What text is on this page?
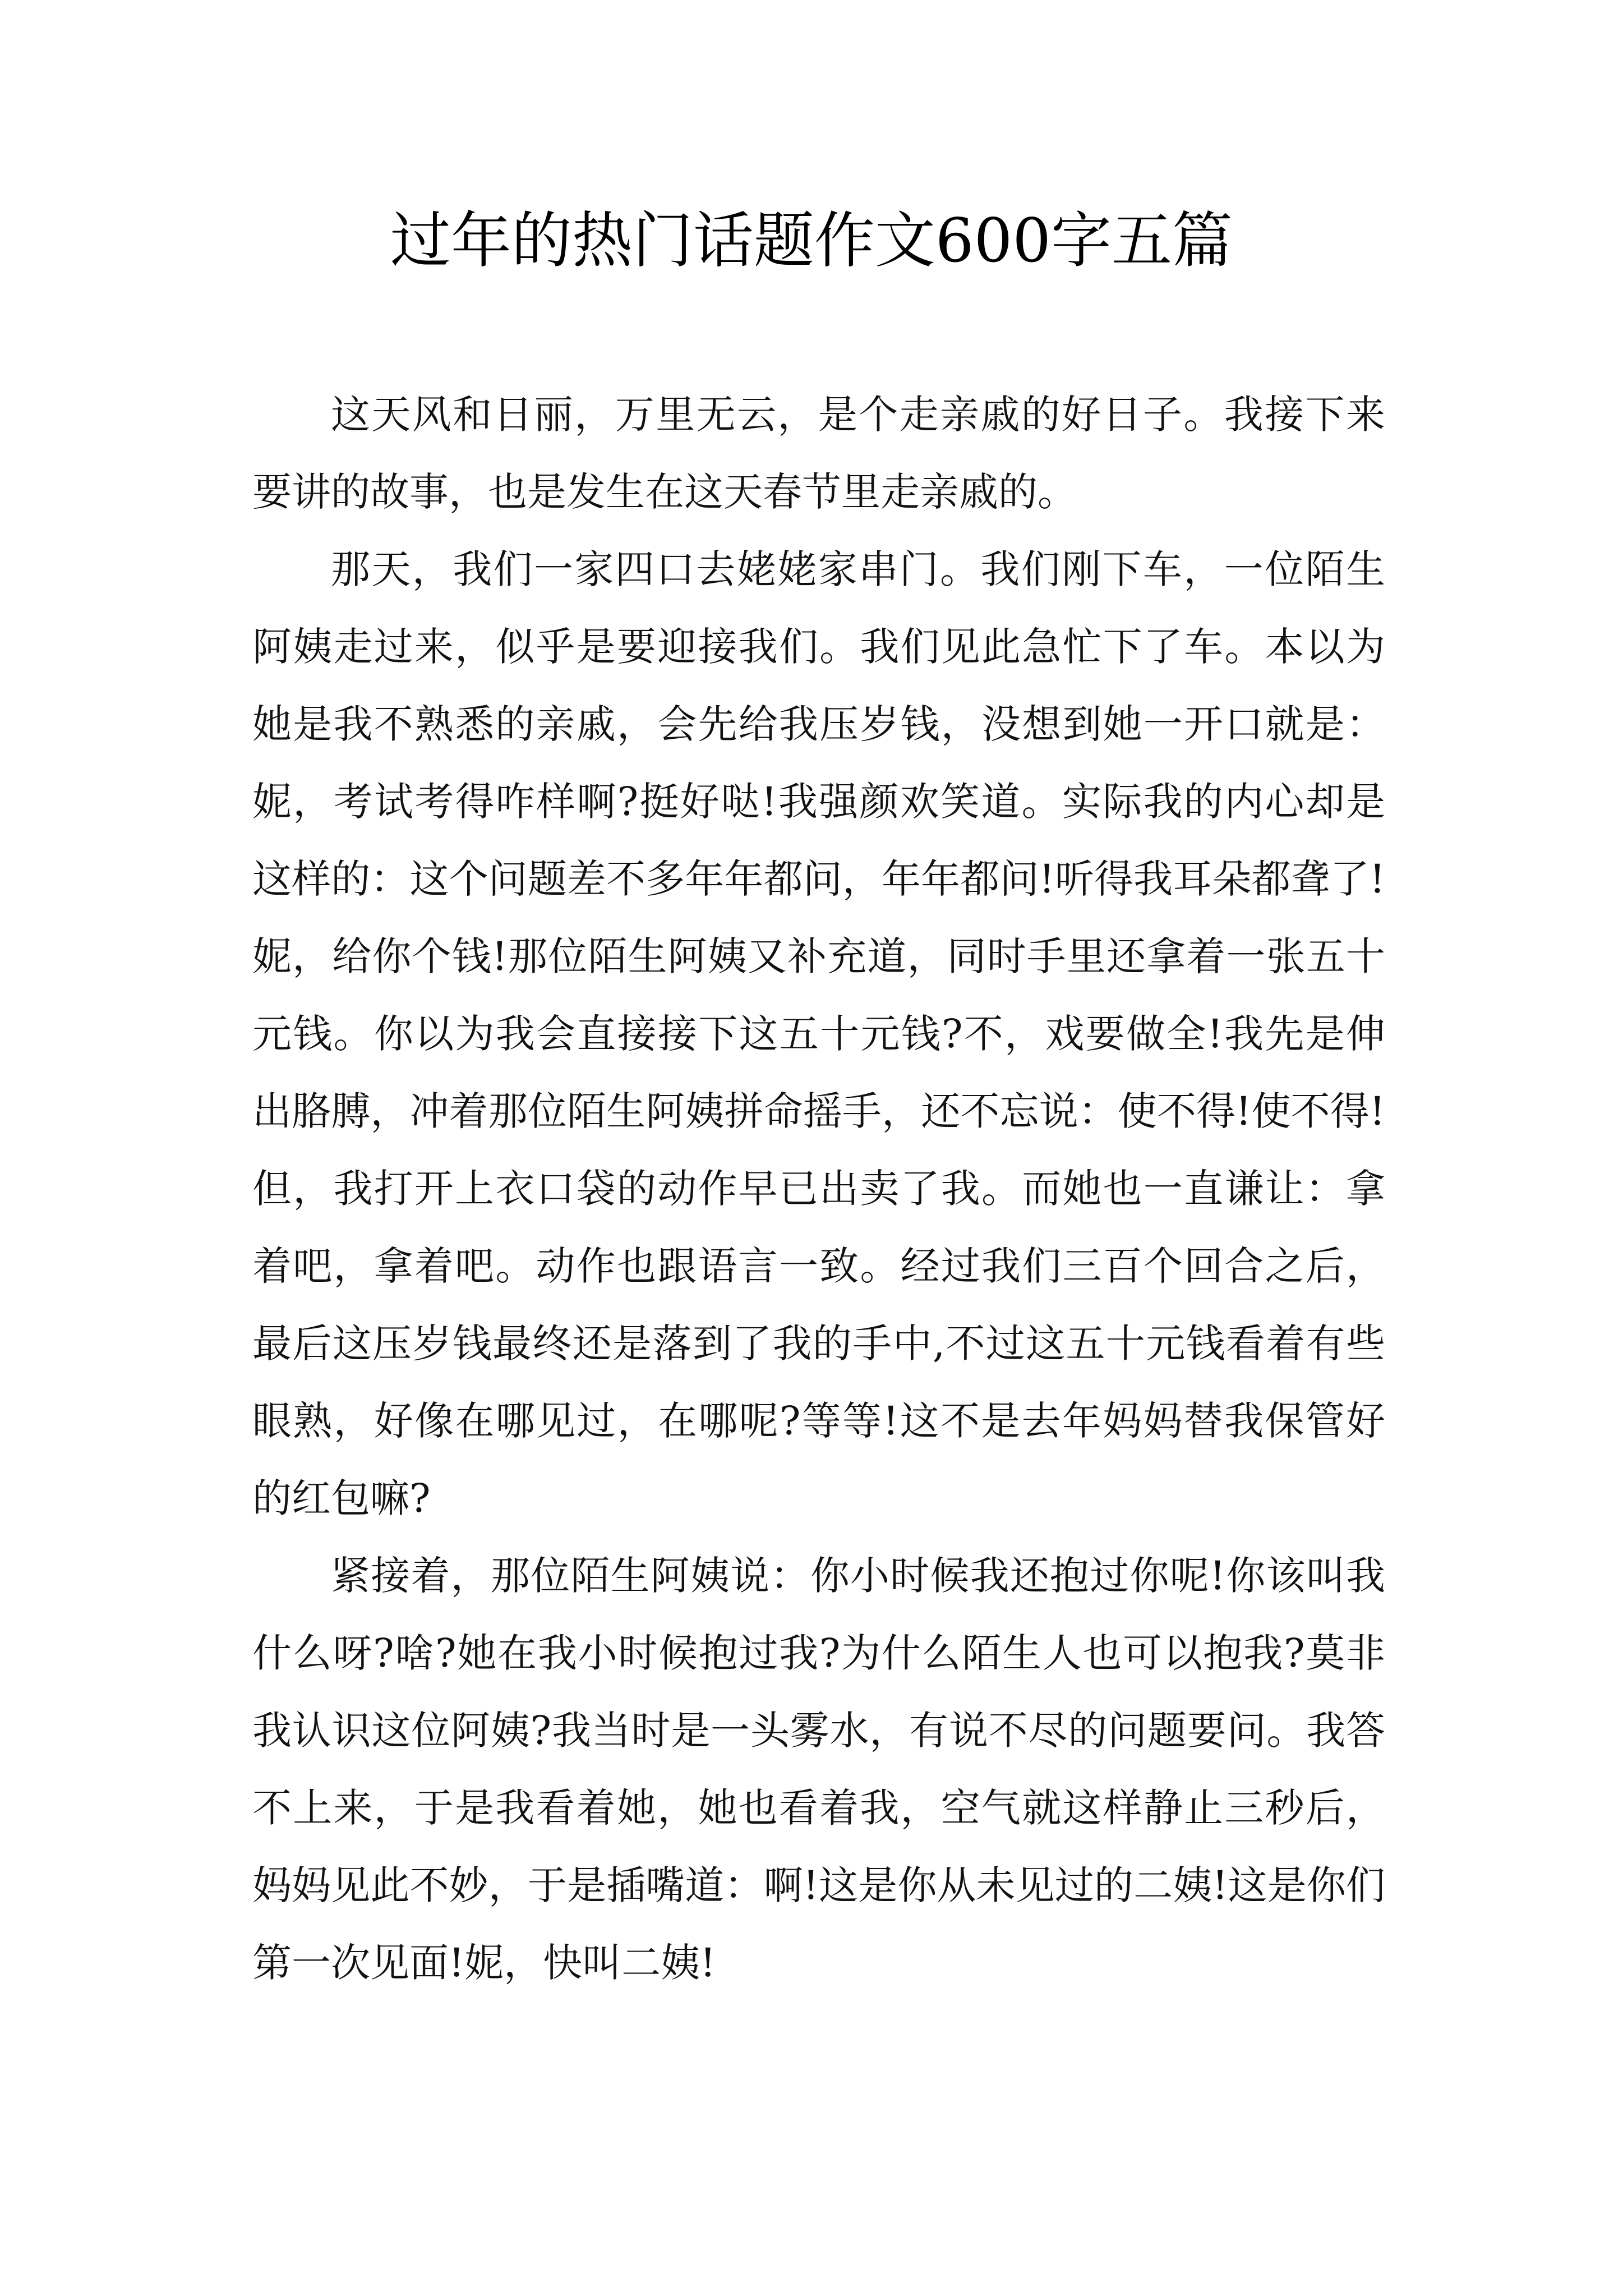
过年的热门话题作文600字五篇

这天风和日丽，万里无云，是个走亲戚的好日子。我接下来要讲的故事，也是发生在这天春节里走亲戚的。

那天，我们一家四口去姥姥家串门。我们刚下车，一位陌生阿姨走过来，似乎是要迎接我们。我们见此急忙下了车。本以为她是我不熟悉的亲戚，会先给我压岁钱，没想到她一开口就是：妮，考试考得咋样啊?挺好哒!我强颜欢笑道。实际我的内心却是这样的：这个问题差不多年年都问，年年都问!听得我耳朵都聋了!妮，给你个钱!那位陌生阿姨又补充道，同时手里还拿着一张五十元钱。你以为我会直接接下这五十元钱?不，戏要做全!我先是伸出胳膊，冲着那位陌生阿姨拼命摇手，还不忘说：使不得!使不得!但，我打开上衣口袋的动作早已出卖了我。而她也一直谦让：拿着吧，拿着吧。动作也跟语言一致。经过我们三百个回合之后，最后这压岁钱最终还是落到了我的手中,不过这五十元钱看着有些眼熟，好像在哪见过，在哪呢?等等!这不是去年妈妈替我保管好的红包嘛?

紧接着，那位陌生阿姨说：你小时候我还抱过你呢!你该叫我什么呀?啥?她在我小时候抱过我?为什么陌生人也可以抱我?莫非我认识这位阿姨?我当时是一头雾水，有说不尽的问题要问。我答不上来，于是我看着她，她也看着我，空气就这样静止三秒后，妈妈见此不妙，于是插嘴道：啊!这是你从未见过的二姨!这是你们第一次见面!妮，快叫二姨!
